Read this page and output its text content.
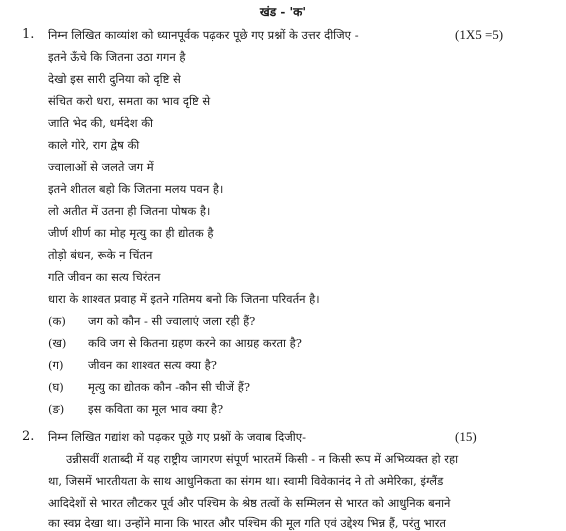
खंड - 'क'
1. निम्न लिखित काव्यांश को ध्यानपूर्वक पढ़कर पूछे गए प्रश्नों के उत्तर दीजिए -	(1X5 =5)
इतने ऊँचे कि जितना उठा गगन है
देखो इस सारी दुनिया को दृष्टि से
संचित करो धरा, समता का भाव दृष्टि से
जाति भेद की, धर्मदेश की
काले गोरे, राग द्वेष की
ज्वालाओं से जलते जग में
इतने शीतल बहो कि जितना मलय पवन है।
लो अतीत में उतना ही जितना पोषक है।
जीर्ण शीर्ण का मोह मृत्यु का ही द्योतक है
तोड़ो बंधन, रूके न चिंतन
गति जीवन का सत्य चिरंतन
धारा के शाश्वत प्रवाह में इतने गतिमय बनो कि जितना परिवर्तन है।
(क) जग को कौन - सी ज्वालाएं जला रही हैं?
(ख) कवि जग से कितना ग्रहण करने का आग्रह करता है?
(ग) जीवन का शाश्वत सत्य क्या है?
(घ) मृत्यु का द्योतक कौन -कौन सी चीजें हैं?
(ङ) इस कविता का मूल भाव क्या है?
2. निम्न लिखित गद्यांश को पढ़कर पूछे गए प्रश्नों के जवाब दिजीए-	(15)
उन्नीसवीं शताब्दी में यह राष्ट्रीय जागरण संपूर्ण भारतमें किसी - न किसी रूप में अभिव्यक्त हो रहा
था, जिसमें भारतीयता के साथ आधुनिकता का संगम था। स्वामी विवेकानंद ने तो अमेरिका, इंग्लैंड
आदिदेशों से भारत लौटकर पूर्व और पश्चिम के श्रेष्ठ तत्वों के सम्मिलन से भारत को आधुनिक बनाने
का स्वप्न देखा था। उन्होंने माना कि भारत और पश्चिम की मूल गति एवं उद्देश्य भिन्न हैं, परंतु भारत
